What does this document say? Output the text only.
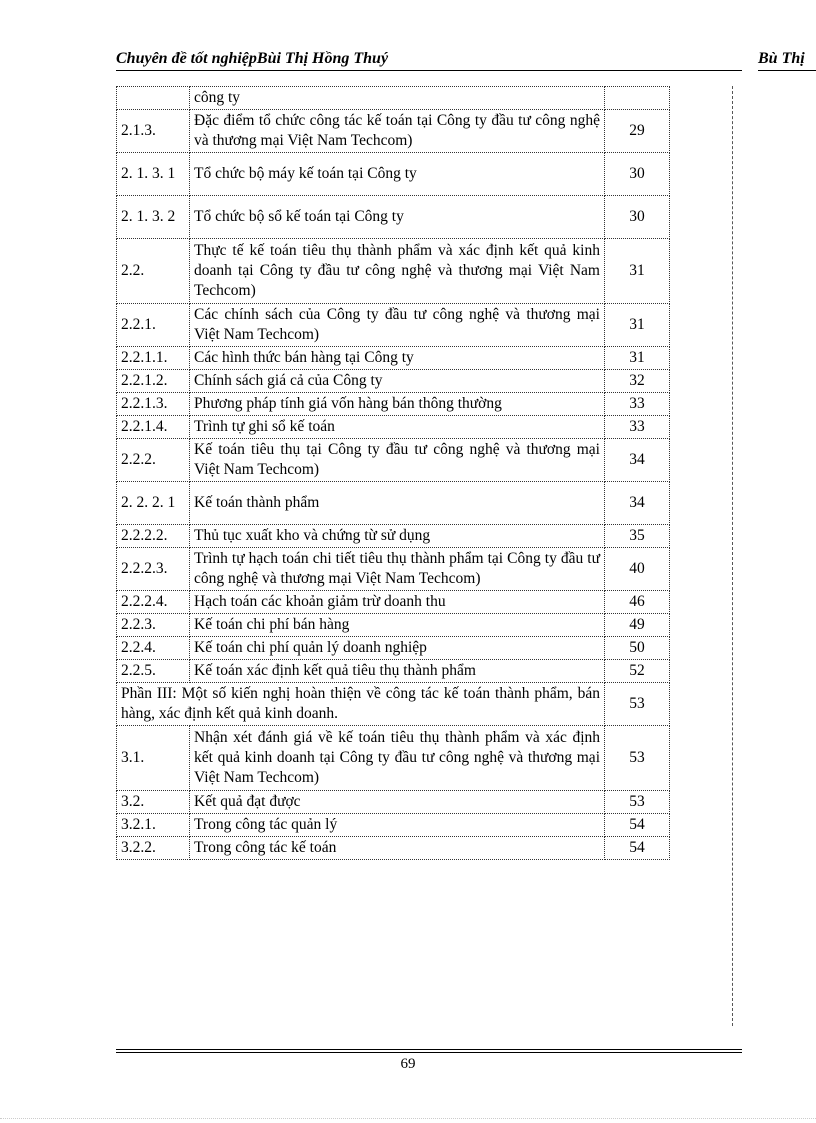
Chuyên đề tốt nghiệpBùi Thị Hồng Thuý	Bù Thị
	công ty	
2.1.3.	Đặc điểm tổ chức công tác kế toán tại Công ty đầu tư công nghệ và thương mại Việt Nam Techcom)	29
2. 1. 3. 1	Tổ chức bộ máy kế toán tại Công ty	30
2. 1. 3. 2	Tổ chức bộ sổ kế toán tại Công ty	30
2.2.	Thực tế kế toán tiêu thụ thành phẩm và xác định kết quả kinh doanh tại Công ty đầu tư công nghệ và thương mại Việt Nam Techcom)	31
2.2.1.	Các chính sách của Công ty đầu tư công nghệ và thương mại Việt Nam Techcom)	31
2.2.1.1.	Các hình thức bán hàng tại Công ty	31
2.2.1.2.	Chính sách giá cả của Công ty	32
2.2.1.3.	Phương pháp tính giá vốn hàng bán thông thường	33
2.2.1.4.	Trình tự ghi sổ kế toán	33
2.2.2.	Kế toán tiêu thụ tại Công ty đầu tư công nghệ và thương mại Việt Nam Techcom)	34
2. 2. 2. 1	Kế toán thành phẩm	34
2.2.2.2.	Thủ tục xuất kho và chứng từ sử dụng	35
2.2.2.3.	Trình tự hạch toán chi tiết tiêu thụ thành phẩm tại Công ty đầu tư công nghệ và thương mại Việt Nam Techcom)	40
2.2.2.4.	Hạch toán các khoản giảm trừ doanh thu	46
2.2.3.	Kế toán chi phí bán hàng	49
2.2.4.	Kế toán chi phí quản lý doanh nghiệp	50
2.2.5.	Kế toán xác định kết quả tiêu thụ thành phẩm	52
Phần III: Một số kiến nghị hoàn thiện về công tác kế toán thành phẩm, bán hàng, xác định kết quả kinh doanh.		53
3.1.	Nhận xét đánh giá về kế toán tiêu thụ thành phẩm và xác định kết quả kinh doanh tại Công ty đầu tư công nghệ và thương mại Việt Nam Techcom)	53
3.2.	Kết quả đạt được	53
3.2.1.	Trong công tác quản lý	54
3.2.2.	Trong công tác kế toán	54
69
